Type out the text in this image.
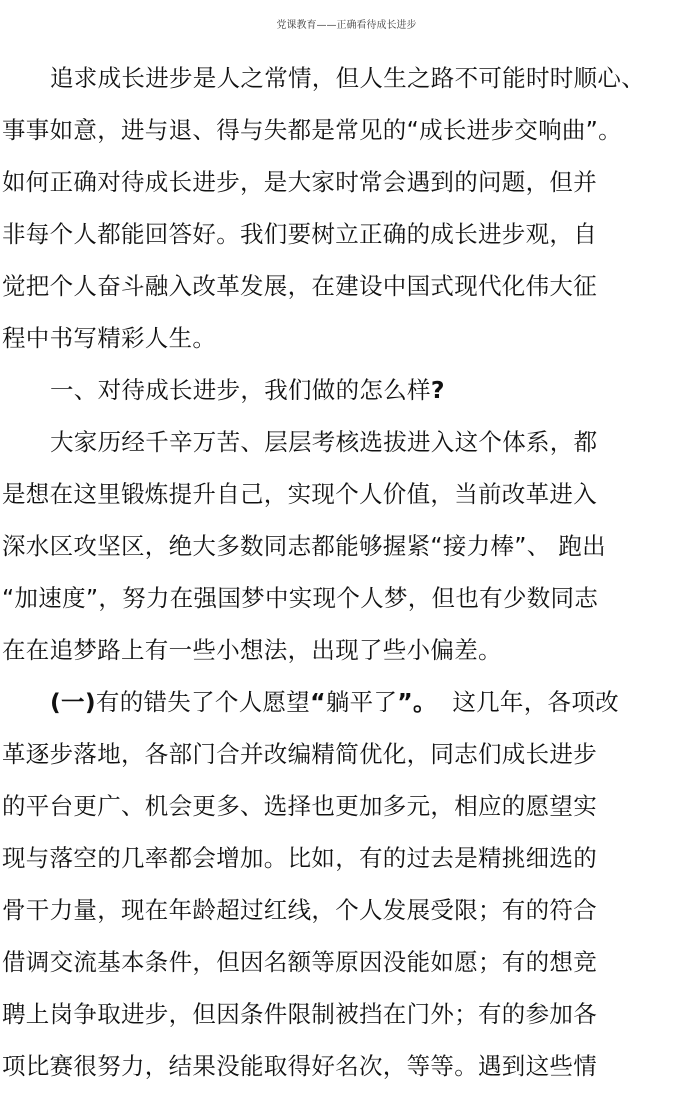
党课教育——正确看待成长进步
追求成长进步是人之常情，但人生之路不可能时时顺心、
事事如意，进与退、得与失都是常见的“成长进步交响曲”。
如何正确对待成长进步，是大家时常会遇到的问题，但并
非每个人都能回答好。我们要树立正确的成长进步观，自
觉把个人奋斗融入改革发展，在建设中国式现代化伟大征
程中书写精彩人生。
一、对待成长进步，我们做的怎么样?
大家历经千辛万苦、层层考核选拔进入这个体系，都
是想在这里锻炼提升自己，实现个人价值，当前改革进入
深水区攻坚区，绝大多数同志都能够握紧“接力棒”、 跑出
“加速度”，努力在强国梦中实现个人梦，但也有少数同志
在在追梦路上有一些小想法，出现了些小偏差。
(一)有的错失了个人愿望“躺平了”。  这几年，各项改
革逐步落地，各部门合并改编精简优化，同志们成长进步
的平台更广、机会更多、选择也更加多元，相应的愿望实
现与落空的几率都会增加。比如，有的过去是精挑细选的
骨干力量，现在年龄超过红线，个人发展受限；有的符合
借调交流基本条件，但因名额等原因没能如愿；有的想竞
聘上岗争取进步，但因条件限制被挡在门外；有的参加各
项比赛很努力，结果没能取得好名次，等等。遇到这些情
